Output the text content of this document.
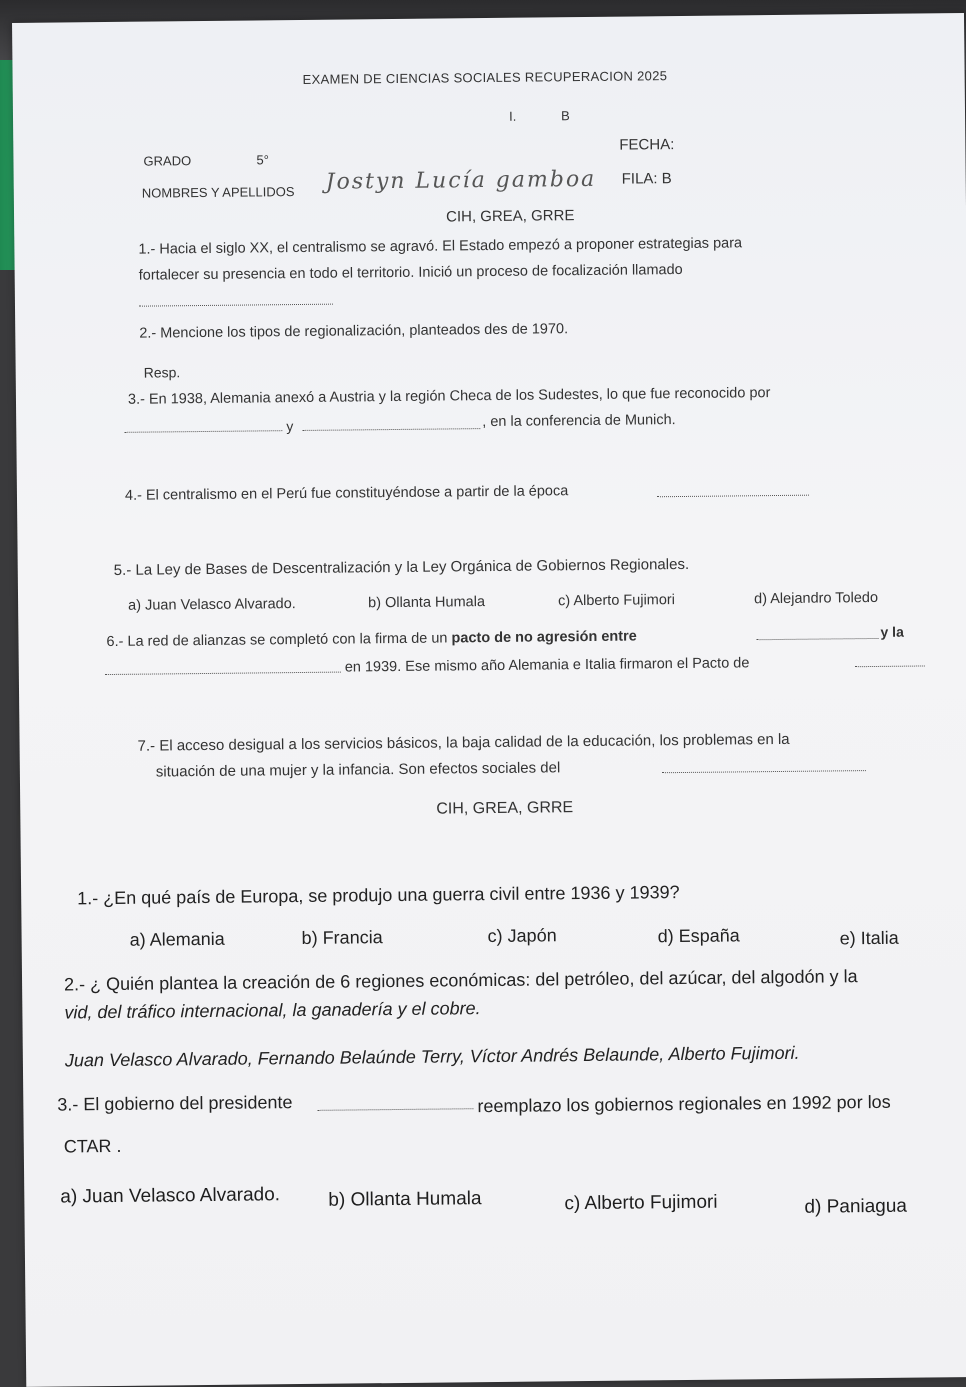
EXAMEN DE CIENCIAS SOCIALES RECUPERACION 2025
I.	B
GRADO	5°
FECHA:
NOMBRES Y APELLIDOS Jostyn Lucía gamboa FILA: B
CIH, GREA, GRRE
1.- Hacia el siglo XX, el centralismo se agravó. El Estado empezó a proponer estrategias para
fortalecer su presencia en todo el territorio. Inició un proceso de focalización llamado
2.- Mencione los tipos de regionalización, planteados des de 1970.
Resp.
3.- En 1938, Alemania anexó a Austria y la región Checa de los Sudestes, lo que fue reconocido por
y	, en la conferencia de Munich.
4.- El centralismo en el Perú fue constituyéndose a partir de la época
5.- La Ley de Bases de Descentralización y la Ley Orgánica de Gobiernos Regionales.
a) Juan Velasco Alvarado.	b) Ollanta Humala	c) Alberto Fujimori	d) Alejandro Toledo
6.- La red de alianzas se completó con la firma de un pacto de no agresión entre	y la
en 1939. Ese mismo año Alemania e Italia firmaron el Pacto de
7.- El acceso desigual a los servicios básicos, la baja calidad de la educación, los problemas en la
situación de una mujer y la infancia. Son efectos sociales del
CIH, GREA, GRRE
1.- ¿En qué país de Europa, se produjo una guerra civil entre 1936 y 1939?
a) Alemania	b) Francia	c) Japón	d) España	e) Italia
2.- ¿ Quién plantea la creación de 6 regiones económicas: del petróleo, del azúcar, del algodón y la
vid, del tráfico internacional, la ganadería y el cobre.
Juan Velasco Alvarado, Fernando Belaúnde Terry, Víctor Andrés Belaunde, Alberto Fujimori.
3.- El gobierno del presidente	reemplazo los gobiernos regionales en 1992 por los
CTAR .
a) Juan Velasco Alvarado.	b) Ollanta Humala	c) Alberto Fujimori	d) Paniagua
